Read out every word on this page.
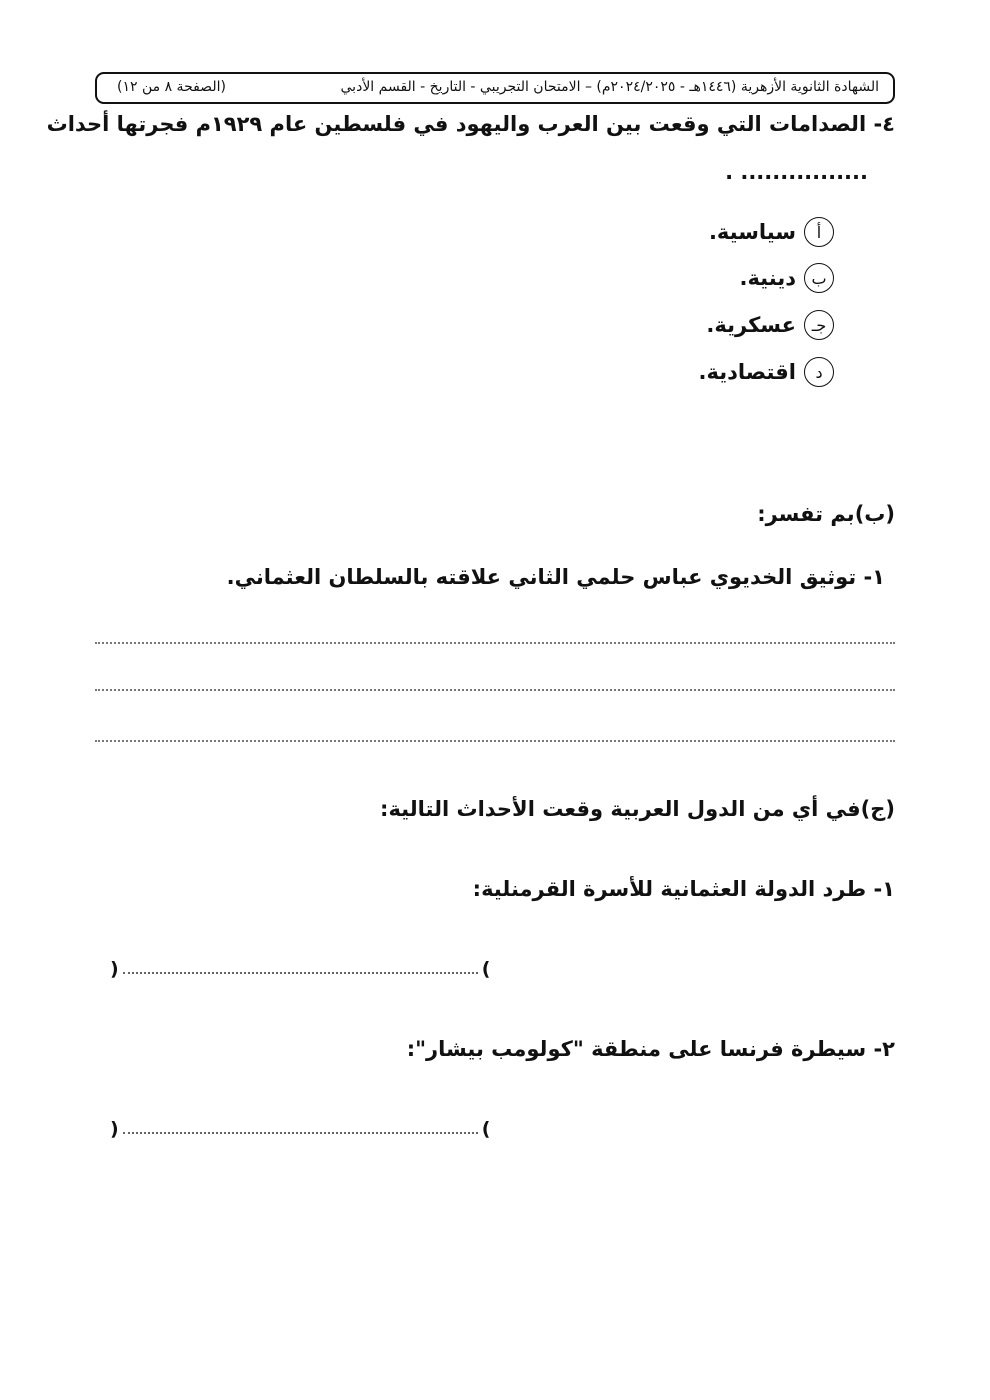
الشهادة الثانوية الأزهرية (١٤٤٦هـ - ٢٠٢٤/٢٠٢٥م) – الامتحان التجريبي - التاريخ - القسم الأدبي
(الصفحة ٨ من ١٢)
٤- الصدامات التي وقعت بين العرب واليهود في فلسطين عام ١٩٢٩م فجرتها أحداث
................ .
أ
سياسية.
ب
دينية.
جـ
عسكرية.
د
اقتصادية.
(ب)بم تفسر:
١- توثيق الخديوي عباس حلمي الثاني علاقته بالسلطان العثماني.
(ج)في أي من الدول العربية وقعت الأحداث التالية:
١- طرد الدولة العثمانية للأسرة القرمنلية:
)	(
٢- سيطرة فرنسا على منطقة "كولومب بيشار":
)	(
